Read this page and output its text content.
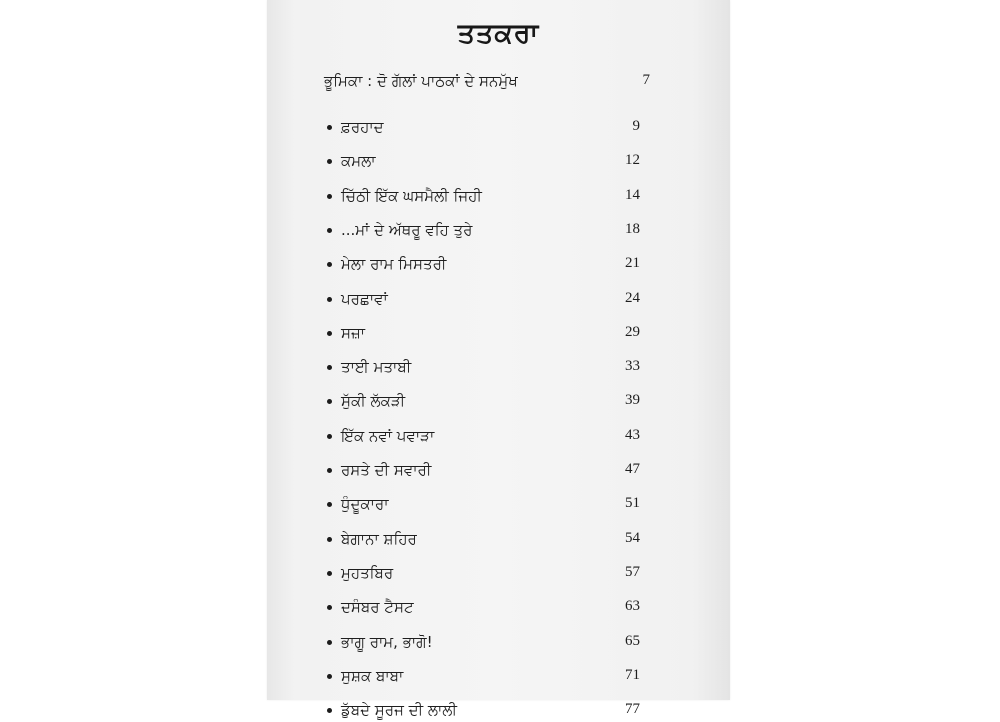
ਤਤਕਰਾ
ਭੂਮਿਕਾ : ਦੋ ਗੱਲਾਂ ਪਾਠਕਾਂ ਦੇ ਸਨਮੁੱਖ	7
ਫ਼ਰਹਾਦ	9
ਕਮਲਾ	12
ਚਿੱਠੀ ਇੱਕ ਘਸਮੈਲੀ ਜਿਹੀ	14
...ਮਾਂ ਦੇ ਅੱਥਰੂ ਵਹਿ ਤੁਰੇ	18
ਮੇਲਾ ਰਾਮ ਮਿਸਤਰੀ	21
ਪਰਛਾਵਾਂ	24
ਸਜ਼ਾ	29
ਤਾਈ ਮਤਾਬੀ	33
ਸੁੱਕੀ ਲੱਕੜੀ	39
ਇੱਕ ਨਵਾਂ ਪਵਾੜਾ	43
ਰਸਤੇ ਦੀ ਸਵਾਰੀ	47
ਧੁੰਦੂਕਾਰਾ	51
ਬੇਗਾਨਾ ਸ਼ਹਿਰ	54
ਮੁਹਤਬਿਰ	57
ਦਸੰਬਰ ਟੈਸਟ	63
ਭਾਗੂ ਰਾਮ, ਭਾਗੋ!	65
ਸੁਸ਼ਕ ਬਾਬਾ	71
ਡੁੱਬਦੇ ਸੂਰਜ ਦੀ ਲਾਲੀ	77
